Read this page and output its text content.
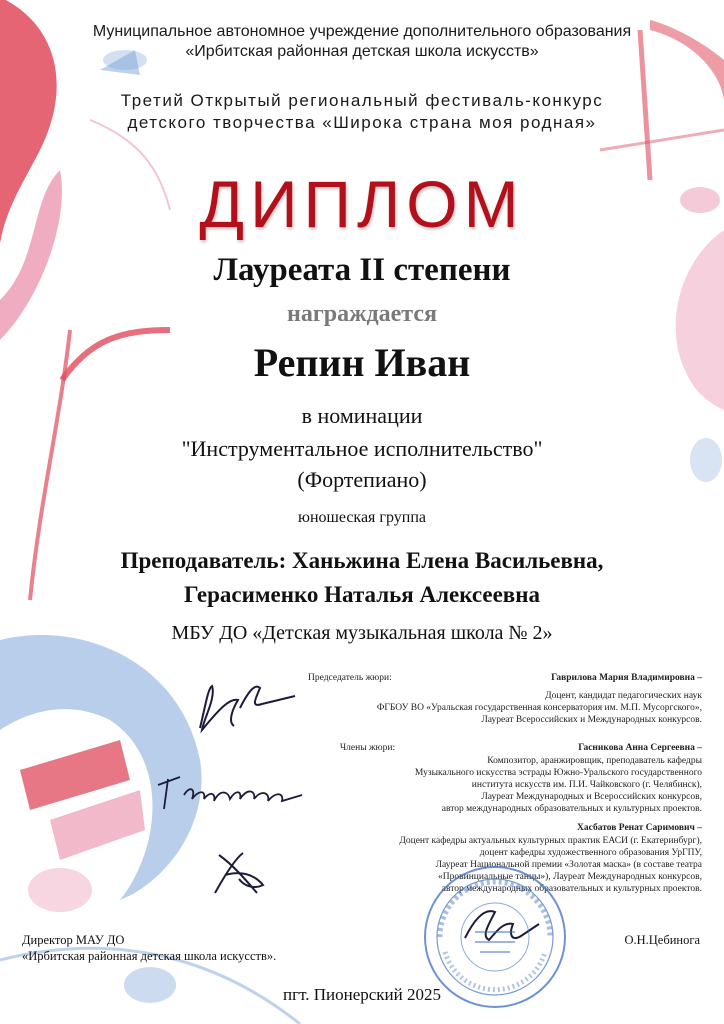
Муниципальное автономное учреждение дополнительного образования
«Ирбитская районная детская школа искусств»
Третий Открытый региональный фестиваль-конкурс
детского творчества «Широка страна моя родная»
ДИПЛОМ
Лауреата II степени
награждается
Репин Иван
в номинации
"Инструментальное исполнительство"
(Фортепиано)
юношеская группа
Преподаватель: Ханьжина Елена Васильевна,
Герасименко Наталья Алексеевна
МБУ ДО «Детская музыкальная школа № 2»
Председатель жюри:	Гаврилова Мария Владимировна –
Доцент, кандидат педагогических наук
ФГБОУ ВО «Уральская государственная консерватория им. М.П. Мусоргского»,
Лауреат Всероссийских и Международных конкурсов.
Члены жюри:	Гасникова Анна Сергеевна –
Композитор, аранжировщик, преподаватель кафедры
Музыкального искусства эстрады Южно-Уральского государственного
института искусств им. П.И. Чайковского (г. Челябинск),
Лауреат Международных и Всероссийских конкурсов,
автор международных образовательных и культурных проектов.
Хасбатов Ренат Саримович –
Доцент кафедры актуальных культурных практик ЕАСИ (г. Екатеринбург),
доцент кафедры художественного образования УрГПУ,
Лауреат Национальной премии «Золотая маска» (в составе театра
«Провинциальные танцы»), Лауреат Международных конкурсов,
автор международных образовательных и культурных проектов.
Директор МАУ ДО
«Ирбитская районная детская школа искусств».
О.Н.Цебинога
пгт. Пионерский 2025
